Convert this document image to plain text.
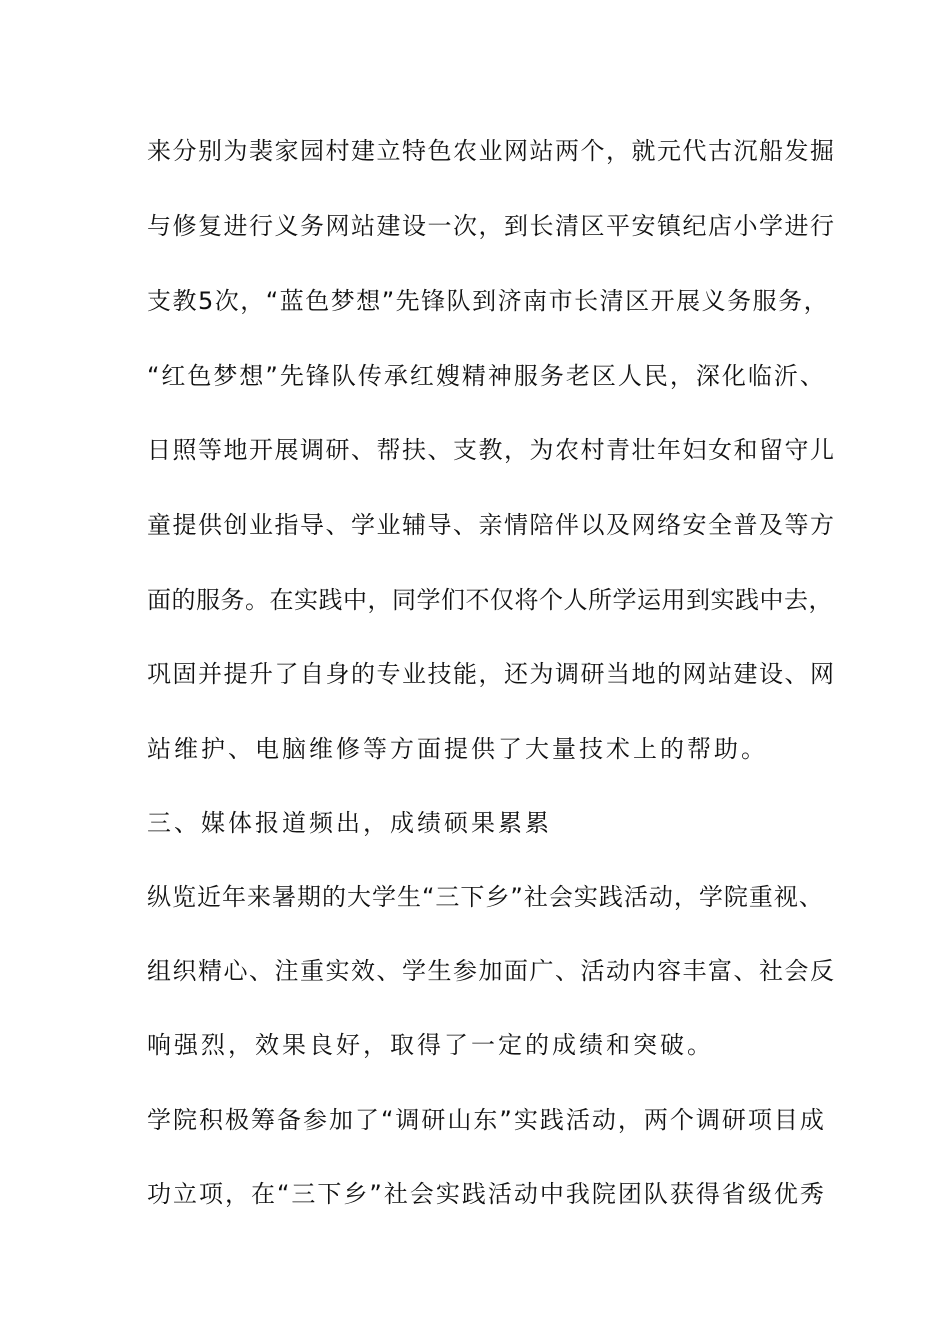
来分别为裴家园村建立特色农业网站两个，就元代古沉船发掘
与修复进行义务网站建设一次，到长清区平安镇纪店小学进行
支教5次，“蓝色梦想”先锋队到济南市长清区开展义务服务，
“红色梦想”先锋队传承红嫂精神服务老区人民，深化临沂、
日照等地开展调研、帮扶、支教，为农村青壮年妇女和留守儿
童提供创业指导、学业辅导、亲情陪伴以及网络安全普及等方
面的服务。在实践中，同学们不仅将个人所学运用到实践中去，
巩固并提升了自身的专业技能，还为调研当地的网站建设、网
站维护、电脑维修等方面提供了大量技术上的帮助。
三、媒体报道频出，成绩硕果累累
纵览近年来暑期的大学生“三下乡”社会实践活动，学院重视、
组织精心、注重实效、学生参加面广、活动内容丰富、社会反
响强烈，效果良好，取得了一定的成绩和突破。
学院积极筹备参加了“调研山东”实践活动，两个调研项目成
功立项，在“三下乡”社会实践活动中我院团队获得省级优秀
